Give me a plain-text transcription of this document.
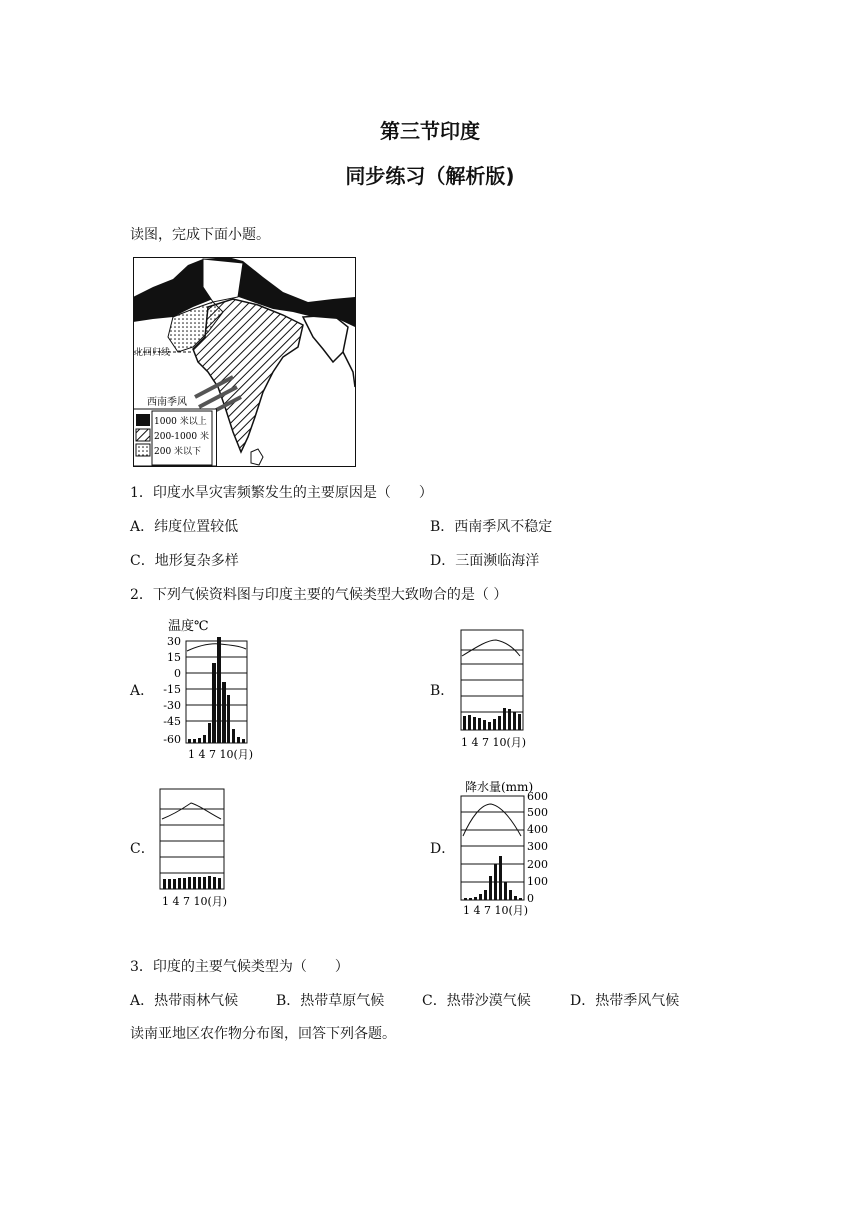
第三节印度
同步练习（解析版)
读图，完成下面小题。
北回归线
西南季风
1000 米以上
200-1000 米
200 米以下
1．印度水旱灾害频繁发生的主要原因是（　　）
A．纬度位置较低	B．西南季风不稳定
C．地形复杂多样	D．三面濒临海洋
2．下列气候资料图与印度主要的气候类型大致吻合的是（ ）
A．
温度℃
30
15
0
-15
-30
-45
-60
1 4 7 10(月)
B．
1 4 7 10(月)
C．
1 4 7 10(月)
D．
降水量(mm)
600
500
400
300
200
100
0
1 4 7 10(月)
3．印度的主要气候类型为（　　）
A．热带雨林气候	B．热带草原气候	C．热带沙漠气候	D．热带季风气候
读南亚地区农作物分布图，回答下列各题。
